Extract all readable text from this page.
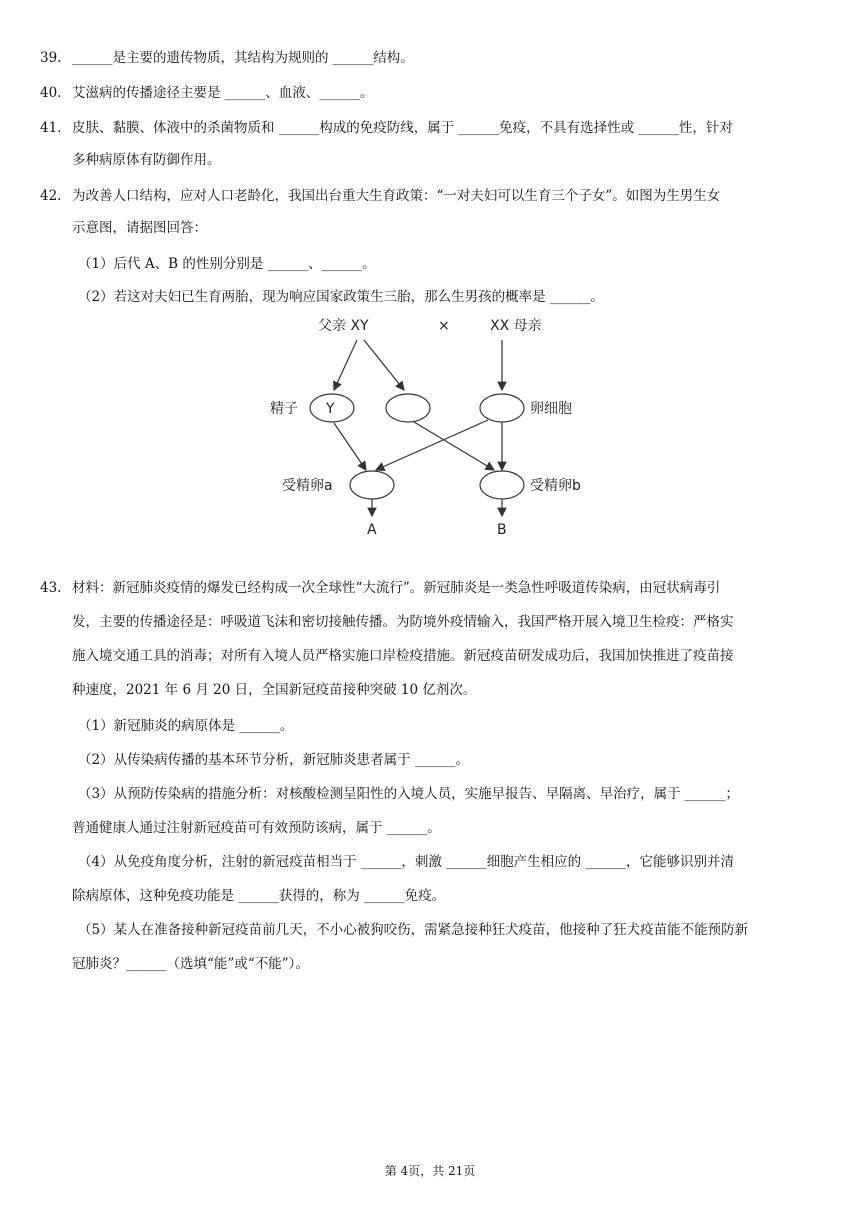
39. ______是主要的遗传物质，其结构为规则的 ______结构。
40. 艾滋病的传播途径主要是 ______、血液、______。
41. 皮肤、黏膜、体液中的杀菌物质和 ______构成的免疫防线，属于 ______免疫，不具有选择性或 ______性，针对
多种病原体有防御作用。
42. 为改善人口结构，应对人口老龄化，我国出台重大生育政策：“一对夫妇可以生育三个子女”。如图为生男生女
示意图，请据图回答：
（1）后代 A、B 的性别分别是 ______、______。
（2）若这对夫妇已生育两胎，现为响应国家政策生三胎，那么生男孩的概率是 ______。
父亲 XY	×	XX 母亲
精子 Y	卵细胞
受精卵a	受精卵b
A	B
43. 材料：新冠肺炎疫情的爆发已经构成一次全球性“大流行”。新冠肺炎是一类急性呼吸道传染病，由冠状病毒引
发，主要的传播途径是：呼吸道飞沫和密切接触传播。为防境外疫情输入，我国严格开展入境卫生检疫：严格实
施入境交通工具的消毒；对所有入境人员严格实施口岸检疫措施。新冠疫苗研发成功后，我国加快推进了疫苗接
种速度，2021 年 6 月 20 日，全国新冠疫苗接种突破 10 亿剂次。
（1）新冠肺炎的病原体是 ______。
（2）从传染病传播的基本环节分析，新冠肺炎患者属于 ______。
（3）从预防传染病的措施分析：对核酸检测呈阳性的入境人员，实施早报告、早隔离、早治疗，属于 ______；
普通健康人通过注射新冠疫苗可有效预防该病，属于 ______。
（4）从免疫角度分析，注射的新冠疫苗相当于 ______，刺激 ______细胞产生相应的 ______，它能够识别并清
除病原体，这种免疫功能是 ______获得的，称为 ______免疫。
（5）某人在准备接种新冠疫苗前几天，不小心被狗咬伤，需紧急接种狂犬疫苗，他接种了狂犬疫苗能不能预防新
冠肺炎？______（选填“能”或“不能”）。
第 4页，共 21页
